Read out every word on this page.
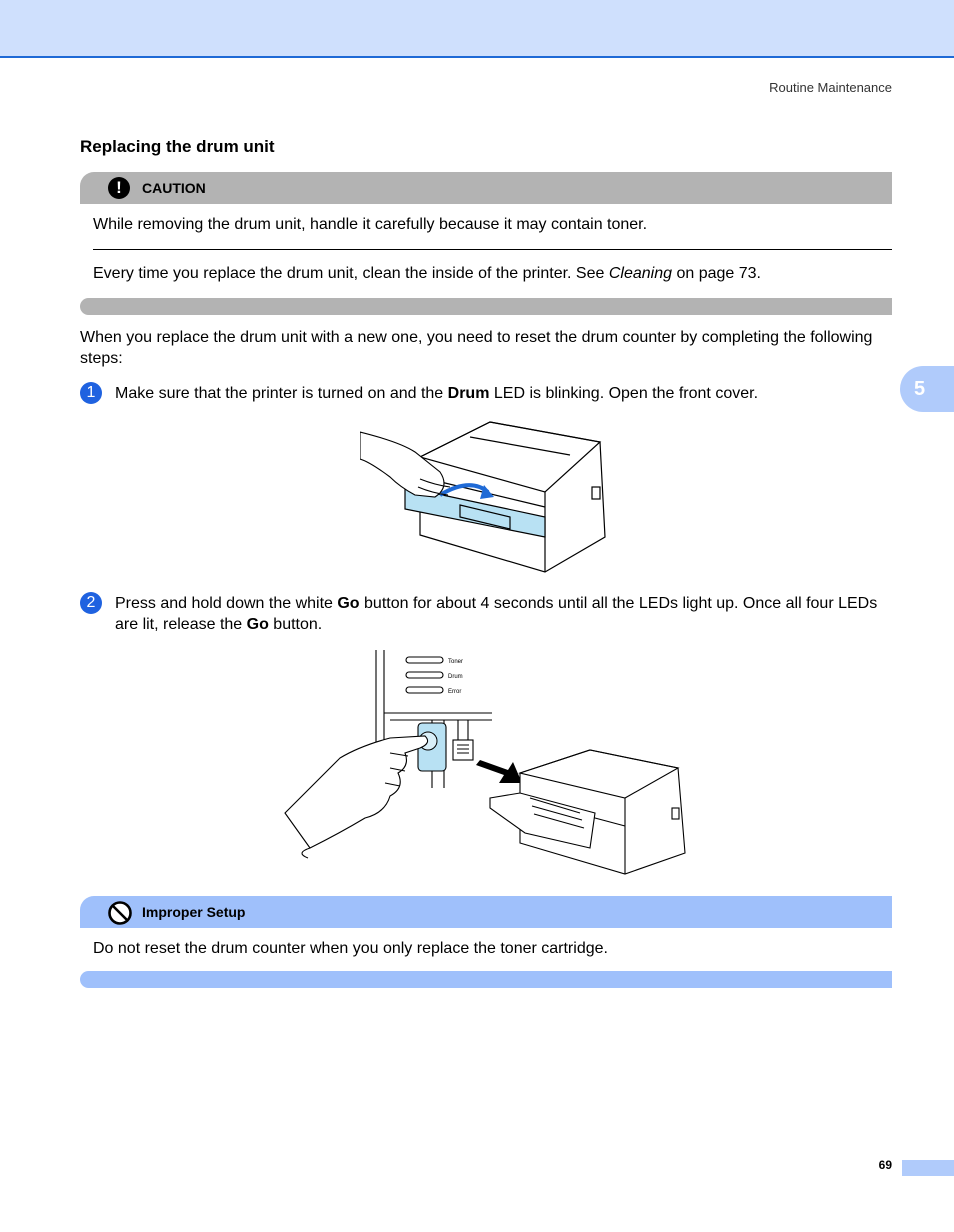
Routine Maintenance
Replacing the drum unit
!	CAUTION
While removing the drum unit, handle it carefully because it may contain toner.
Every time you replace the drum unit, clean the inside of the printer. See Cleaning on page 73.
When you replace the drum unit with a new one, you need to reset the drum counter by completing the following steps:
5
1	Make sure that the printer is turned on and the Drum LED is blinking. Open the front cover.
2	Press and hold down the white Go button for about 4 seconds until all the LEDs light up. Once all four LEDs are lit, release the Go button.
Toner
Drum
Error
Improper Setup
Do not reset the drum counter when you only replace the toner cartridge.
69
